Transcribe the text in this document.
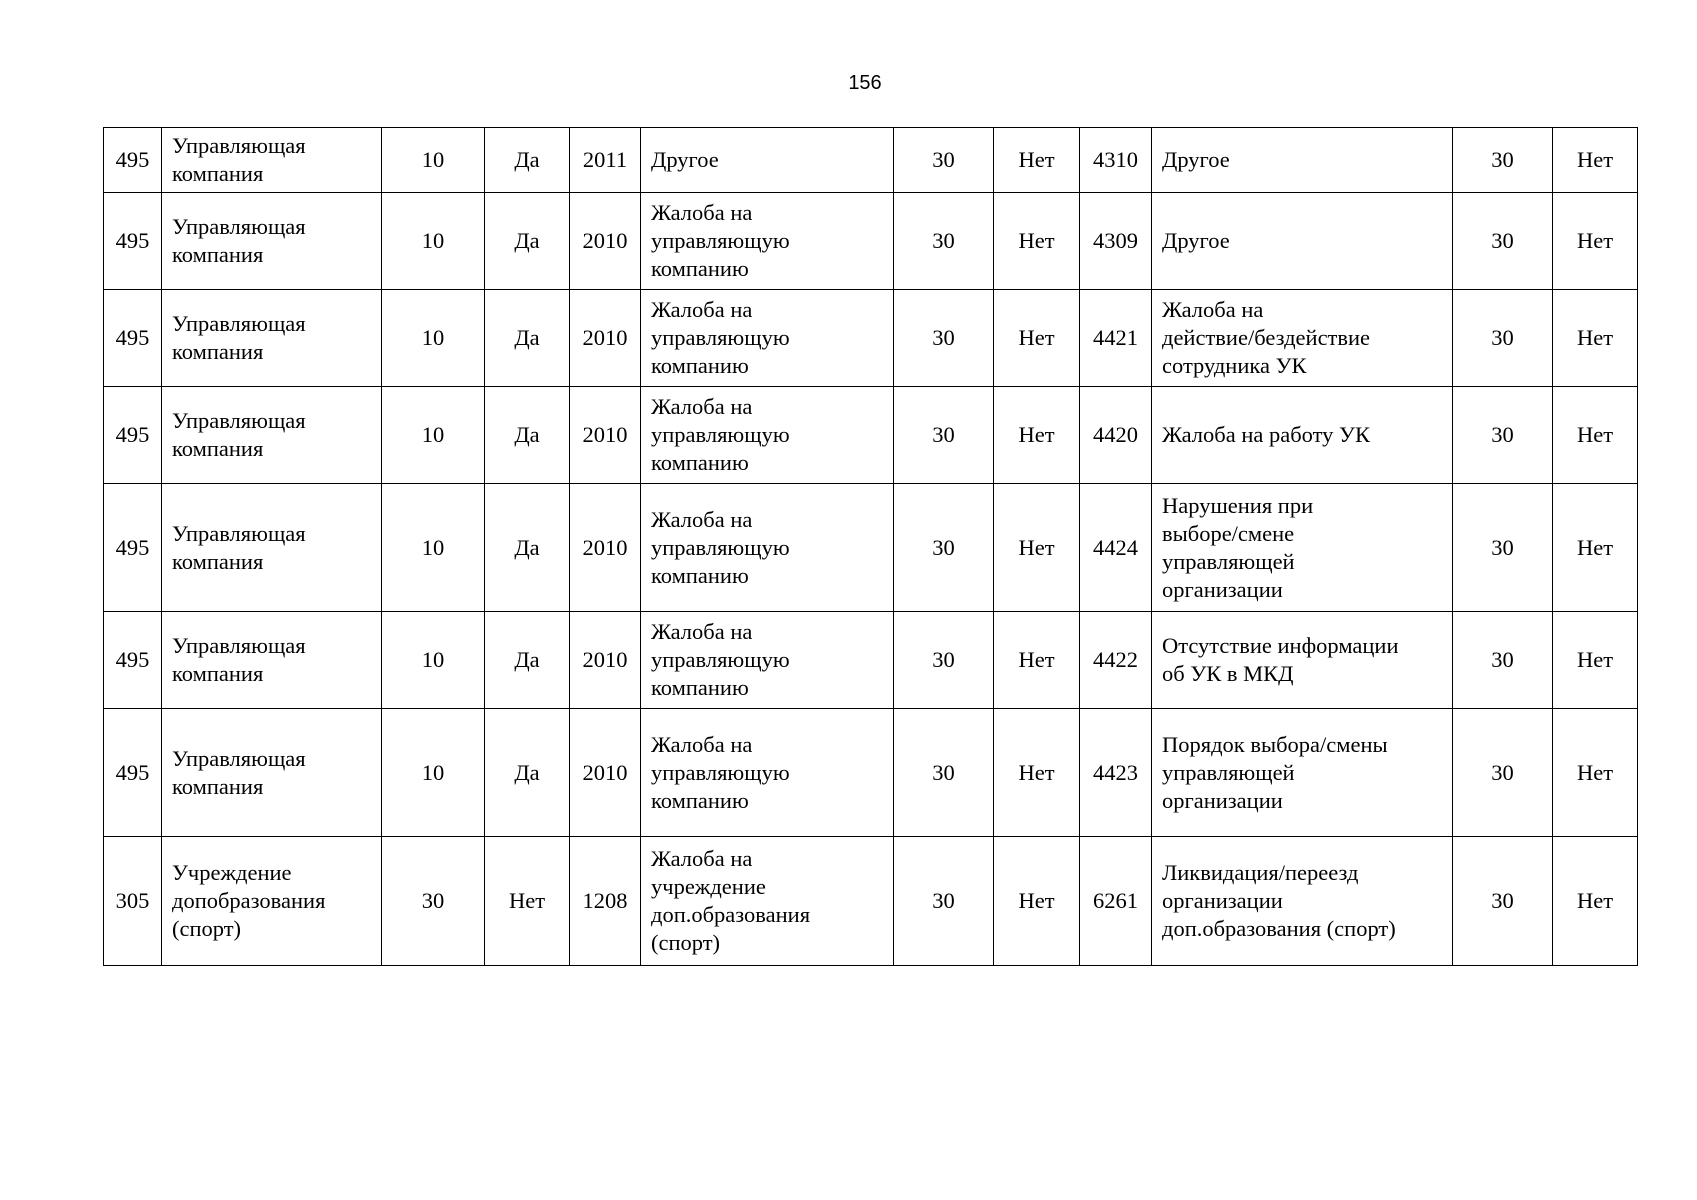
156
495	Управляющая
компания	10	Да	2011	Другое	30	Нет	4310	Другое	30	Нет
495	Управляющая
компания	10	Да	2010	Жалоба на
управляющую
компанию	30	Нет	4309	Другое	30	Нет
495	Управляющая
компания	10	Да	2010	Жалоба на
управляющую
компанию	30	Нет	4421	Жалоба на
действие/бездействие
сотрудника УК	30	Нет
495	Управляющая
компания	10	Да	2010	Жалоба на
управляющую
компанию	30	Нет	4420	Жалоба на работу УК	30	Нет
495	Управляющая
компания	10	Да	2010	Жалоба на
управляющую
компанию	30	Нет	4424	Нарушения при
выборе/смене
управляющей
организации	30	Нет
495	Управляющая
компания	10	Да	2010	Жалоба на
управляющую
компанию	30	Нет	4422	Отсутствие информации
об УК в МКД	30	Нет
495	Управляющая
компания	10	Да	2010	Жалоба на
управляющую
компанию	30	Нет	4423	Порядок выбора/смены
управляющей
организации	30	Нет
305	Учреждение
допобразования
(спорт)	30	Нет	1208	Жалоба на
учреждение
доп.образования
(спорт)	30	Нет	6261	Ликвидация/переезд
организации
доп.образования (спорт)	30	Нет
